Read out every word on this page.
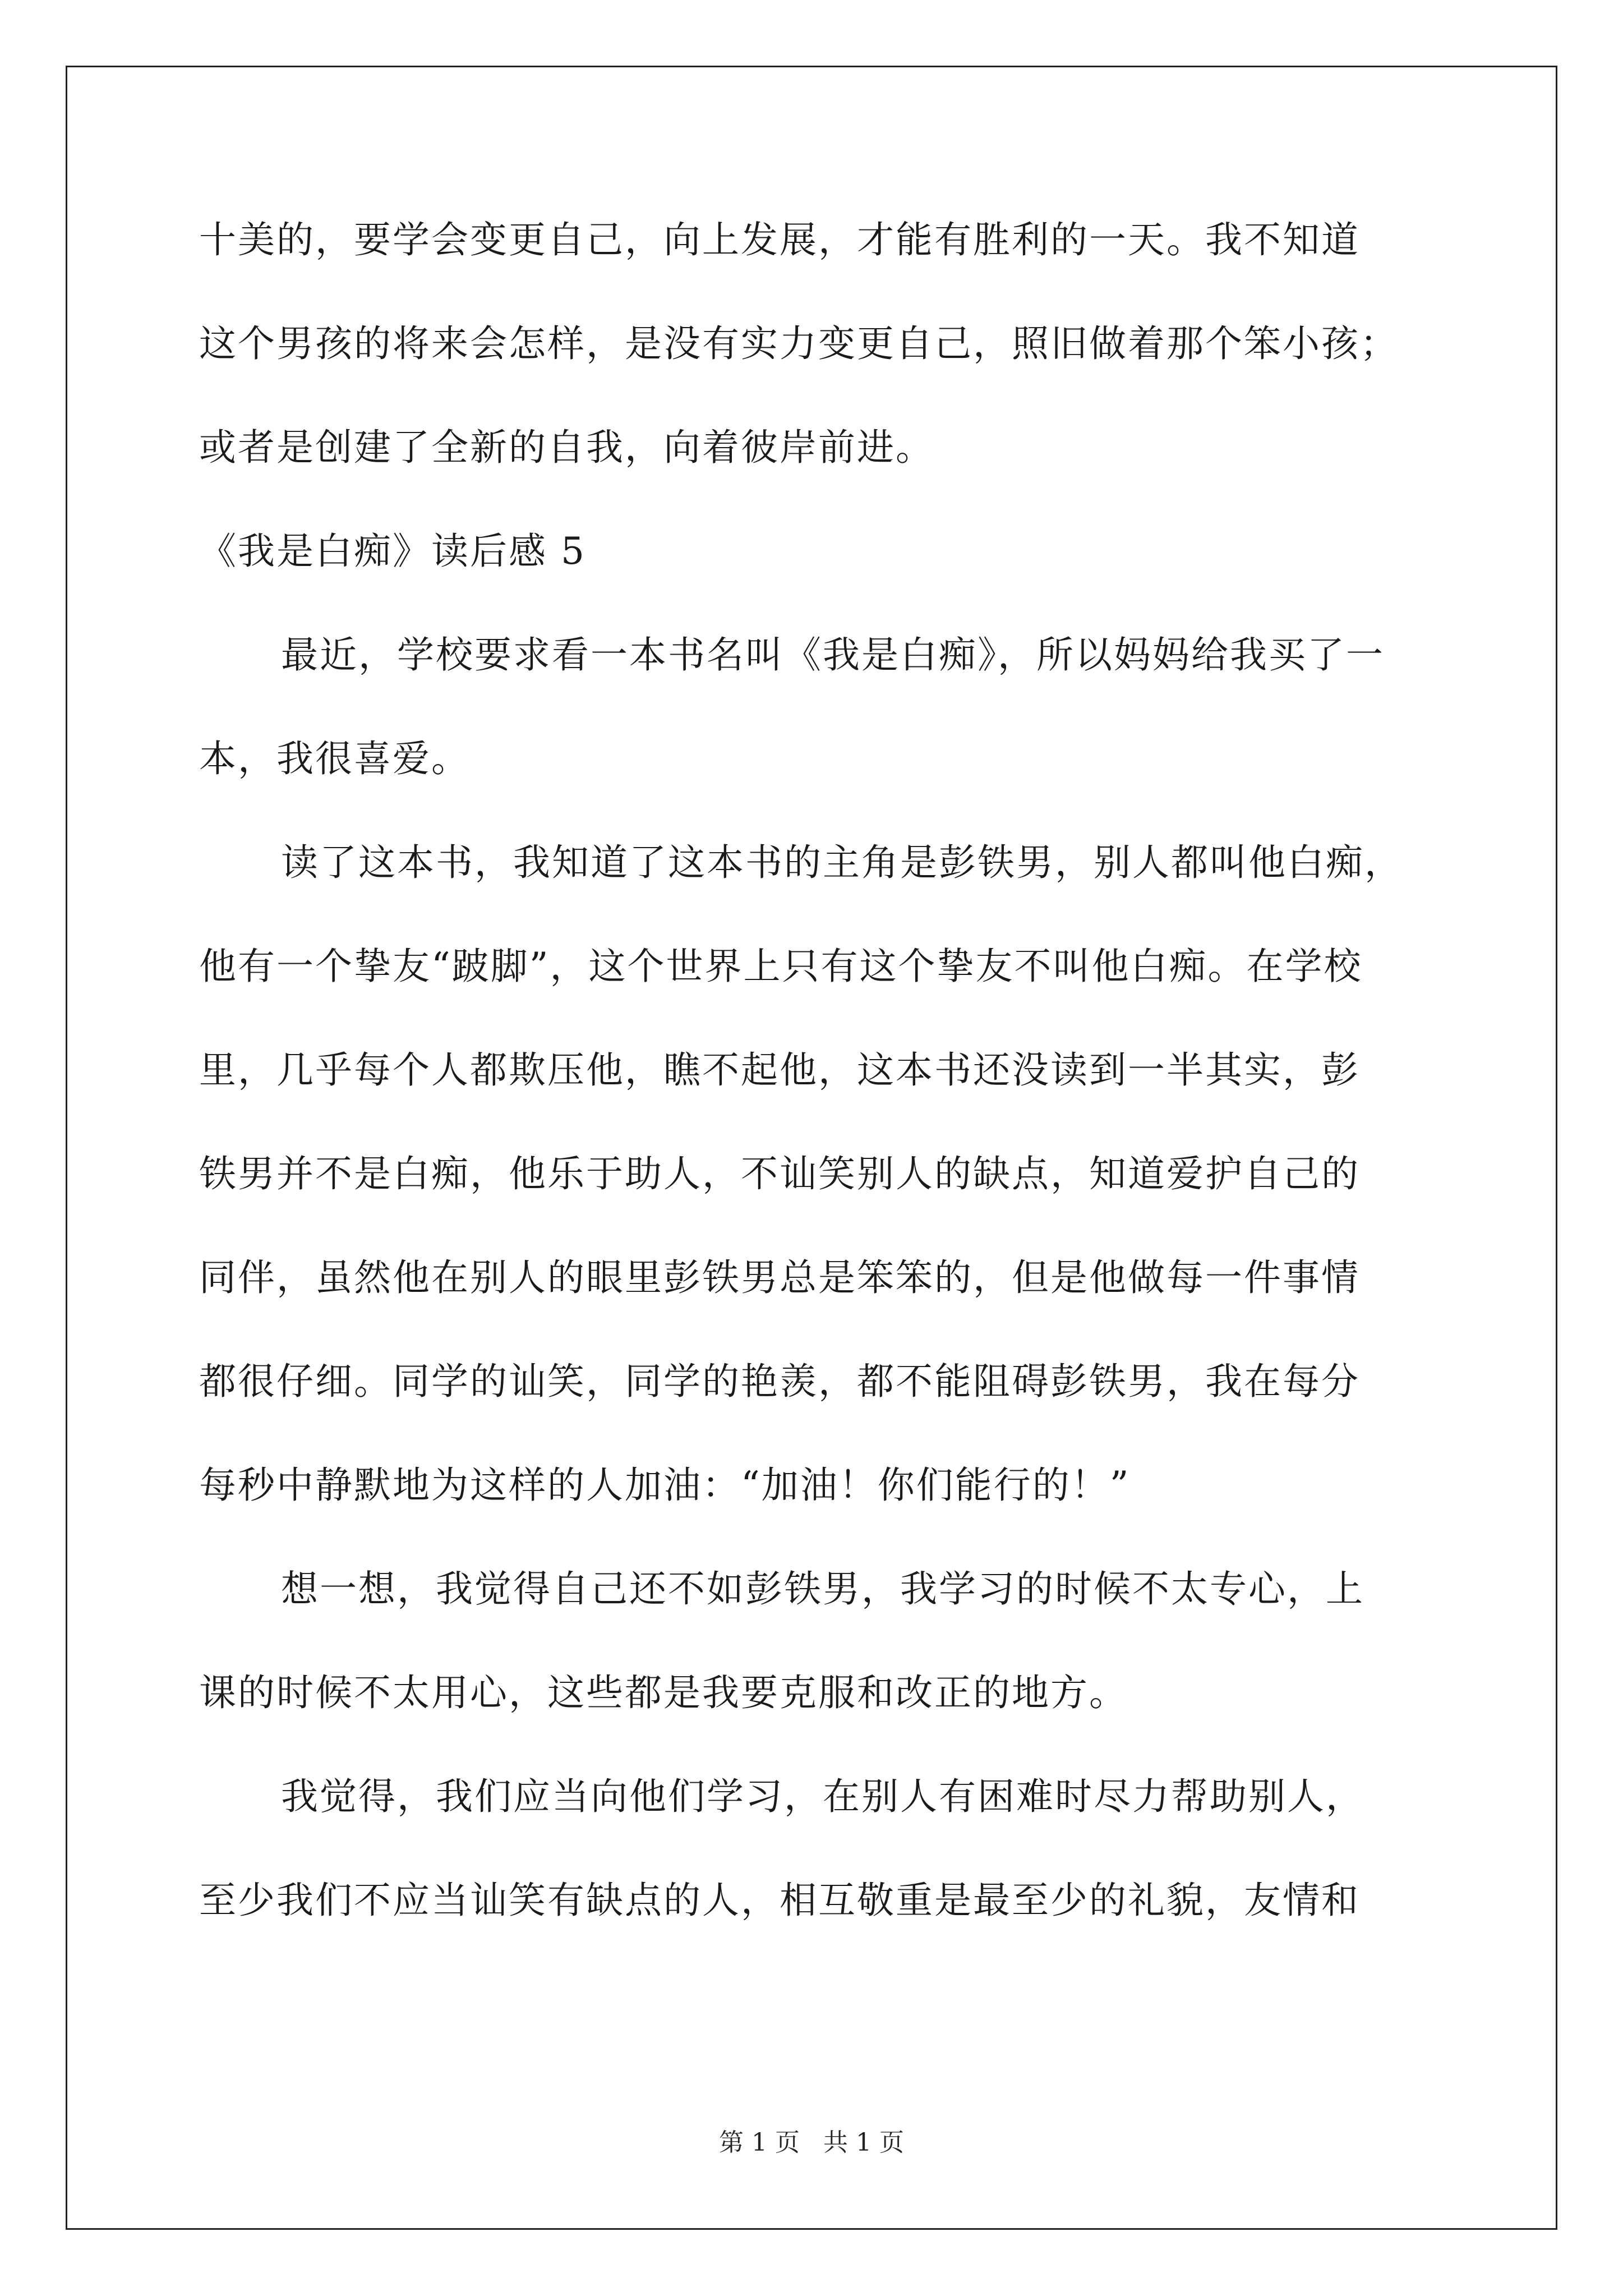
十美的，要学会变更自己，向上发展，才能有胜利的一天。我不知道
这个男孩的将来会怎样，是没有实力变更自己，照旧做着那个笨小孩；
或者是创建了全新的自我，向着彼岸前进。
《我是白痴》读后感 5
最近，学校要求看一本书名叫《我是白痴》，所以妈妈给我买了一
本，我很喜爱。
读了这本书，我知道了这本书的主角是彭铁男，别人都叫他白痴，
他有一个挚友“跛脚”，这个世界上只有这个挚友不叫他白痴。在学校
里，几乎每个人都欺压他，瞧不起他，这本书还没读到一半其实，彭
铁男并不是白痴，他乐于助人，不讪笑别人的缺点，知道爱护自己的
同伴，虽然他在别人的眼里彭铁男总是笨笨的，但是他做每一件事情
都很仔细。同学的讪笑，同学的艳羡，都不能阻碍彭铁男，我在每分
每秒中静默地为这样的人加油：“加油！你们能行的！”
想一想，我觉得自己还不如彭铁男，我学习的时候不太专心，上
课的时候不太用心，这些都是我要克服和改正的地方。
我觉得，我们应当向他们学习，在别人有困难时尽力帮助别人，
至少我们不应当讪笑有缺点的人，相互敬重是最至少的礼貌，友情和
第 1 页 共 1 页
